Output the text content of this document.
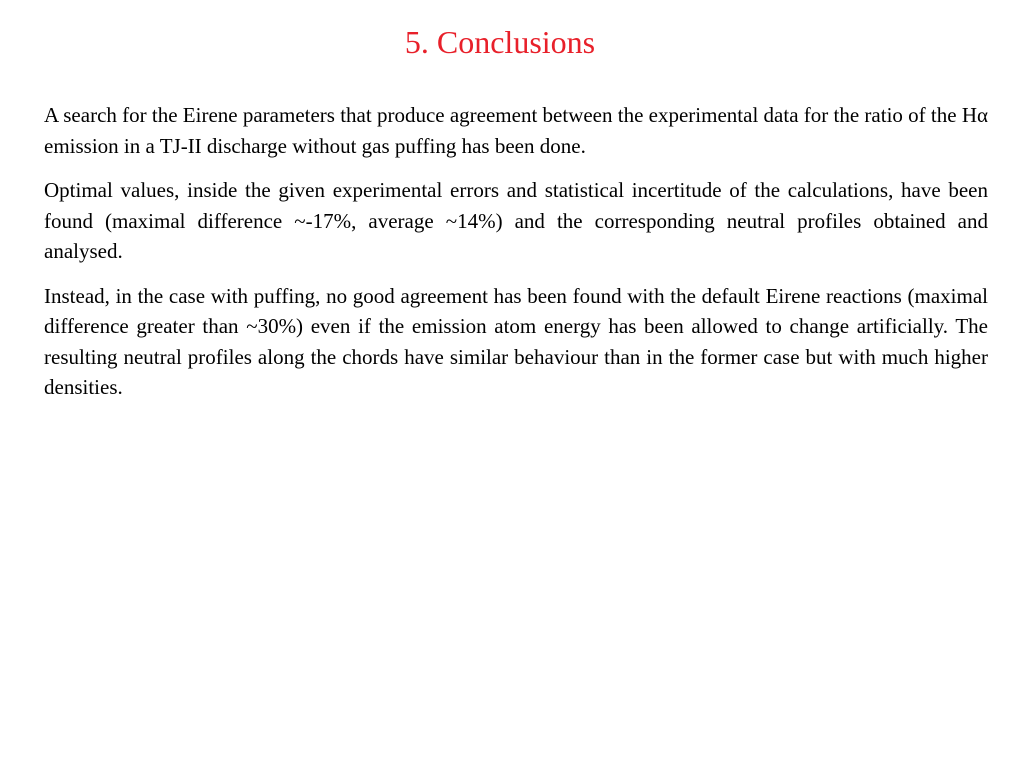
5. Conclusions

A search for the Eirene parameters that produce agreement between the experimental data for the ratio of the Hα emission in a TJ-II discharge without gas puffing has been done.

Optimal values, inside the given experimental errors and statistical incertitude of the calculations, have been found (maximal difference ~-17%, average ~14%) and the corresponding neutral profiles obtained and analysed.

Instead, in the case with puffing, no good agreement has been found with the default Eirene reactions (maximal difference greater than ~30%) even if the emission atom energy has been allowed to change artificially. The resulting neutral profiles along the chords have similar behaviour than in the former case but with much higher densities.
